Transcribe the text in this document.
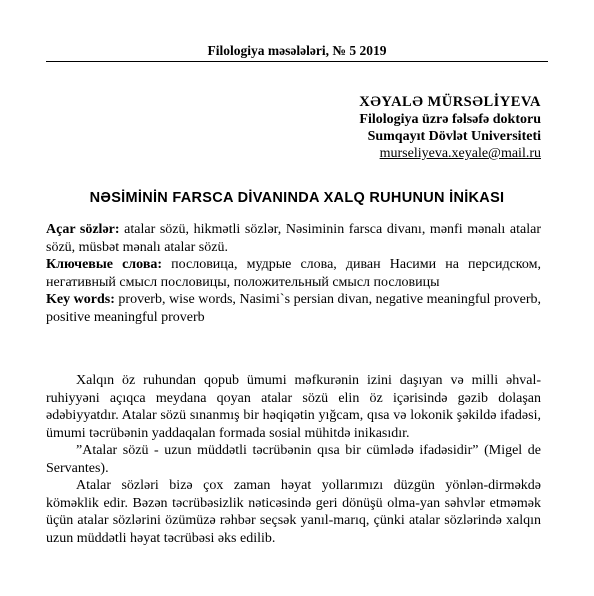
Filologiya məsələləri, № 5 2019
XƏYALƏ MÜRSƏLİYEVA
Filologiya üzrə fəlsəfə doktoru
Sumqayıt Dövlət Universiteti
murseliyeva.xeyale@mail.ru
NƏSİMİNİN FARSCA DİVANINDA XALQ RUHUNUN İNİKASI

Açar sözlər: atalar sözü, hikmətli sözlər, Nəsiminin farsca divanı, mənfi mənalı atalar sözü, müsbət mənalı atalar sözü.

Ключевые слова: пословица, мудрые слова, диван Насими на персидском, негативный смысл пословицы, положительный смысл пословицы

Key words: proverb, wise words, Nasimi`s persian divan, negative meaningful proverb, positive meaningful proverb

Xalqın öz ruhundan qopub ümumi məfkurənin izini daşıyan və milli əhval-ruhiyyəni açıqca meydana qoyan atalar sözü elin öz içərisində gəzib dolaşan ədəbiyyatdır. Atalar sözü sınanmış bir həqiqətin yığcam, qısa və lokonik şəkildə ifadəsi, ümumi təcrübənin yaddaqalan formada sosial mühitdə inikasıdır.

”Atalar sözü - uzun müddətli təcrübənin qısa bir cümlədə ifadəsidir” (Migel de Servantes).

Atalar sözləri bizə çox zaman həyat yollarımızı düzgün yönlən-dirməkdə köməklik edir. Bəzən təcrübəsizlik nəticəsində geri dönüşü olma-yan səhvlər etməmək üçün atalar sözlərini özümüzə rəhbər seçsək yanıl-marıq, çünki atalar sözlərində xalqın uzun müddətli həyat təcrübəsi əks edilib.
